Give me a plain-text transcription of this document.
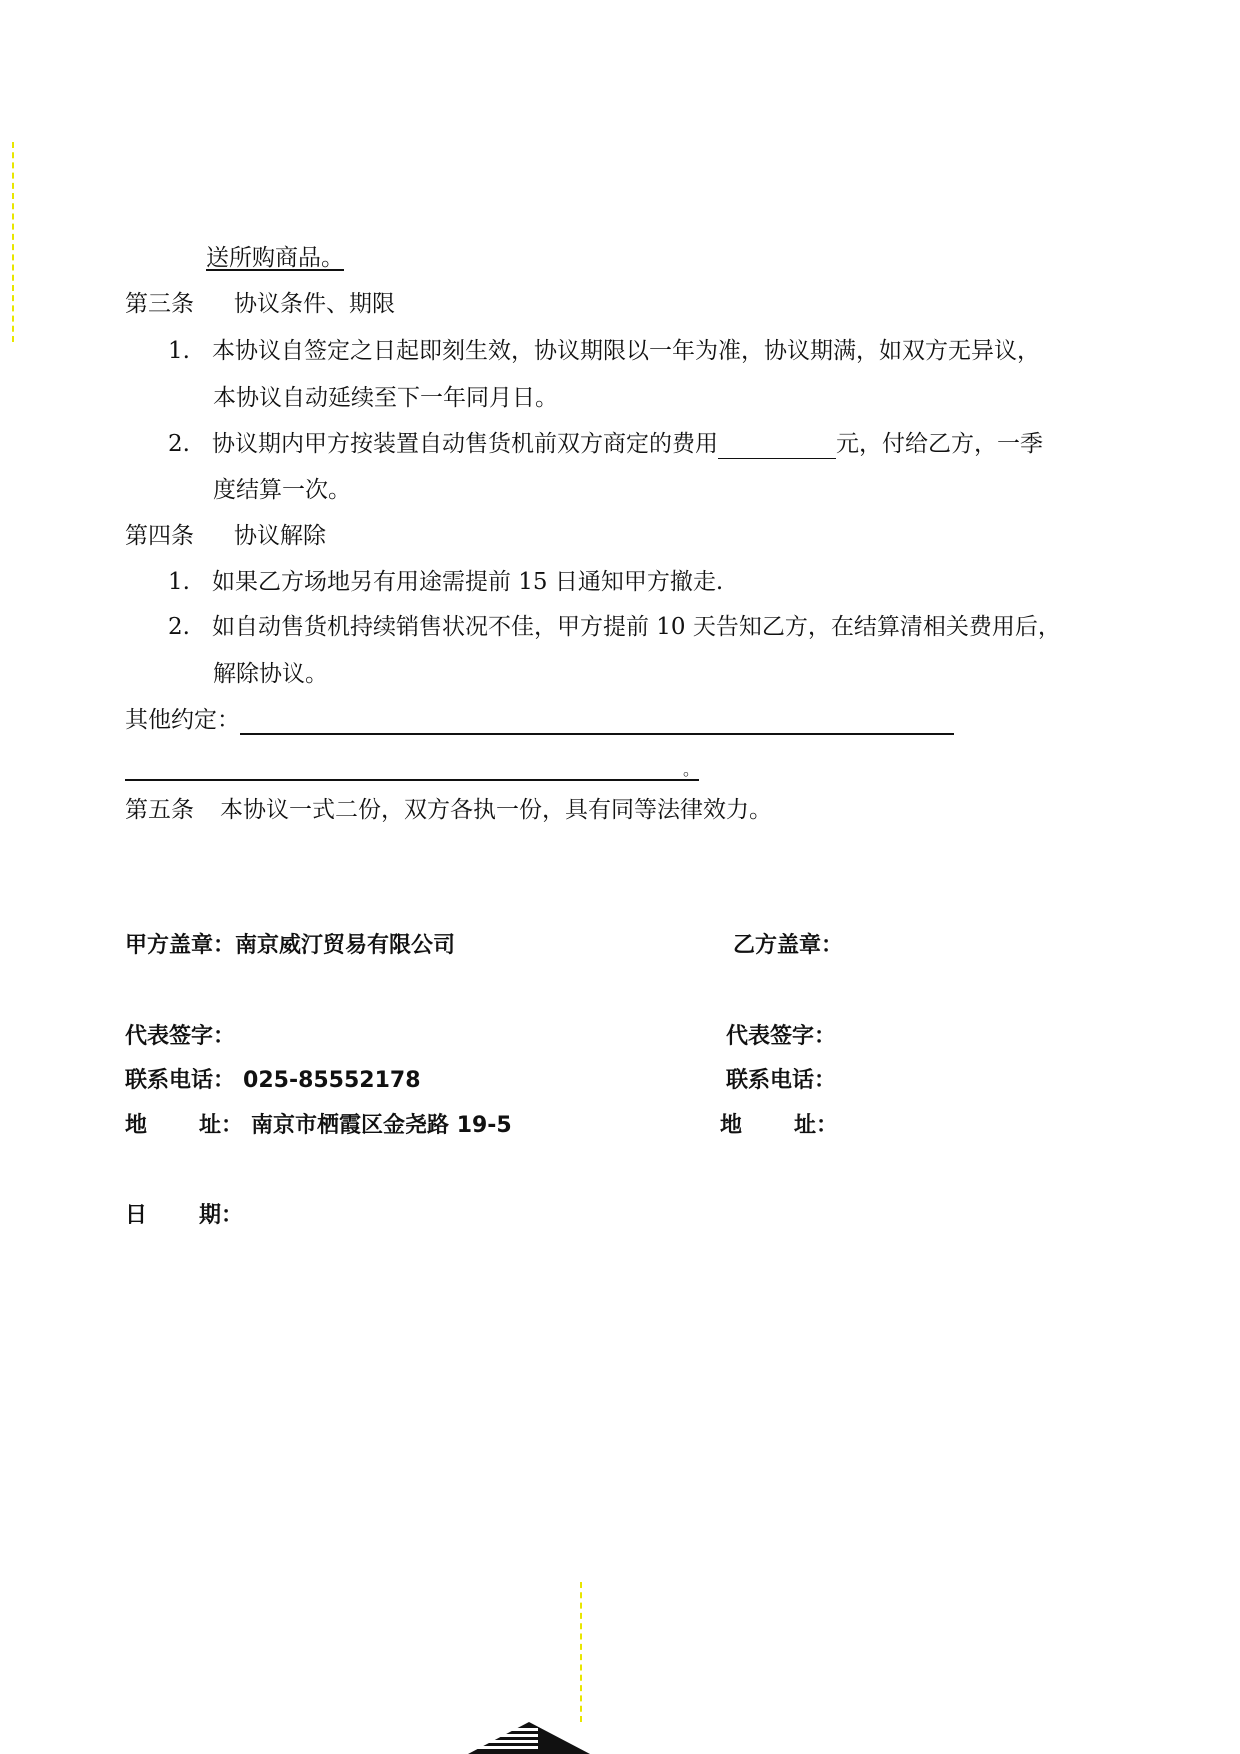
送所购商品。
第三条 协议条件、期限
1. 本协议自签定之日起即刻生效，协议期限以一年为准，协议期满，如双方无异议，
本协议自动延续至下一年同月日。
2. 协议期内甲方按装置自动售货机前双方商定的费用	元，付给乙方，一季
度结算一次。
第四条 协议解除
1. 如果乙方场地另有用途需提前 15 日通知甲方撤走.
2. 如自动售货机持续销售状况不佳，甲方提前 10 天告知乙方，在结算清相关费用后，
解除协议。
其他约定：
。
第五条 本协议一式二份，双方各执一份，具有同等法律效力。
甲方盖章：南京威汀贸易有限公司	乙方盖章：
代表签字：	代表签字：
联系电话： 025-85552178	联系电话：
地 址： 南京市栖霞区金尧路 19-5	地 址：
日 期：
